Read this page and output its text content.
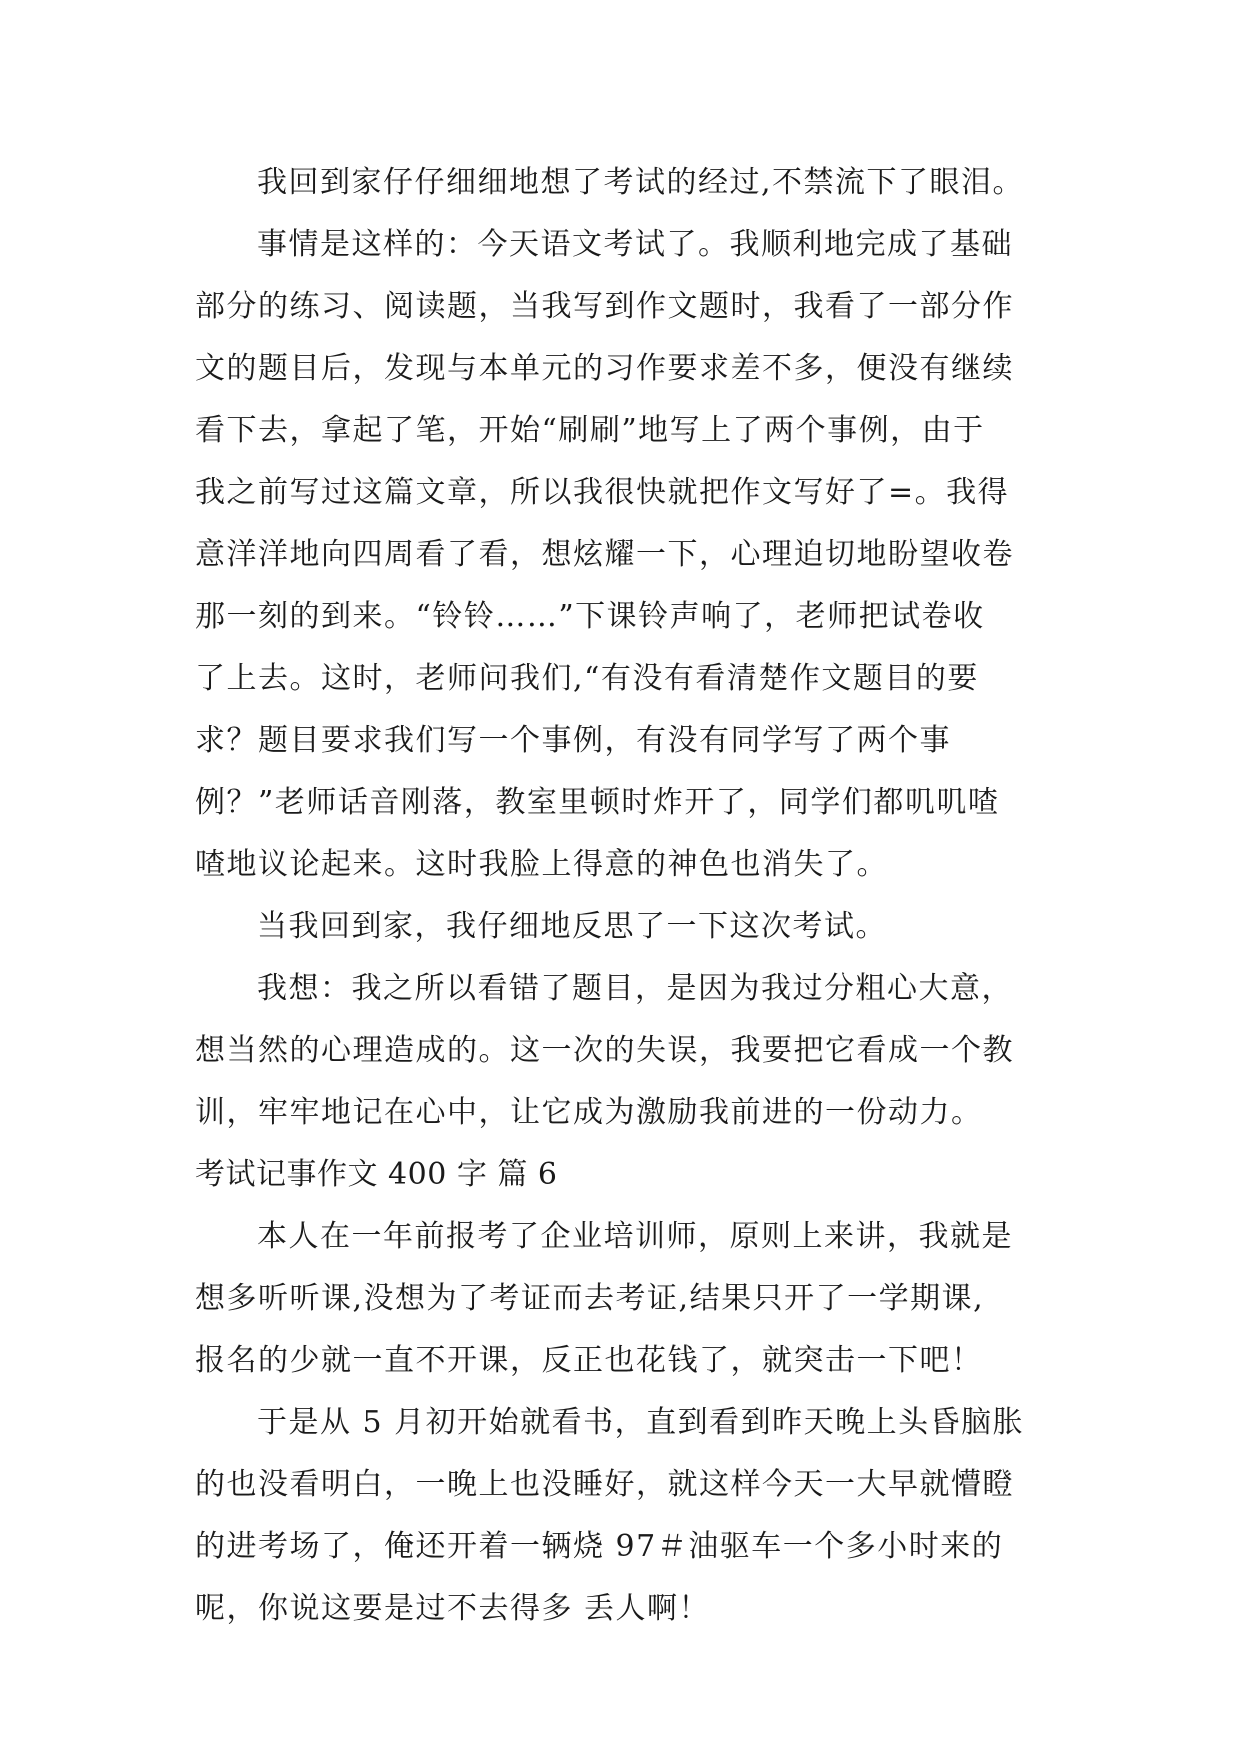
我回到家仔仔细细地想了考试的经过,不禁流下了眼泪。
事情是这样的：今天语文考试了。我顺利地完成了基础
部分的练习、阅读题，当我写到作文题时，我看了一部分作
文的题目后，发现与本单元的习作要求差不多，便没有继续
看下去，拿起了笔，开始“刷刷”地写上了两个事例，由于
我之前写过这篇文章，所以我很快就把作文写好了=。我得
意洋洋地向四周看了看，想炫耀一下，心理迫切地盼望收卷
那一刻的到来。“铃铃……”下课铃声响了，老师把试卷收
了上去。这时，老师问我们,“有没有看清楚作文题目的要
求？题目要求我们写一个事例，有没有同学写了两个事
例？”老师话音刚落，教室里顿时炸开了，同学们都叽叽喳
喳地议论起来。这时我脸上得意的神色也消失了。
当我回到家，我仔细地反思了一下这次考试。
我想：我之所以看错了题目，是因为我过分粗心大意，
想当然的心理造成的。这一次的失误，我要把它看成一个教
训，牢牢地记在心中，让它成为激励我前进的一份动力。
考试记事作文 400 字 篇 6
本人在一年前报考了企业培训师，原则上来讲，我就是
想多听听课,没想为了考证而去考证,结果只开了一学期课,
报名的少就一直不开课，反正也花钱了，就突击一下吧！
于是从 5 月初开始就看书，直到看到昨天晚上头昏脑胀
的也没看明白，一晚上也没睡好，就这样今天一大早就懵瞪
的进考场了，俺还开着一辆烧 97＃油驱车一个多小时来的
呢，你说这要是过不去得多 丢人啊！
